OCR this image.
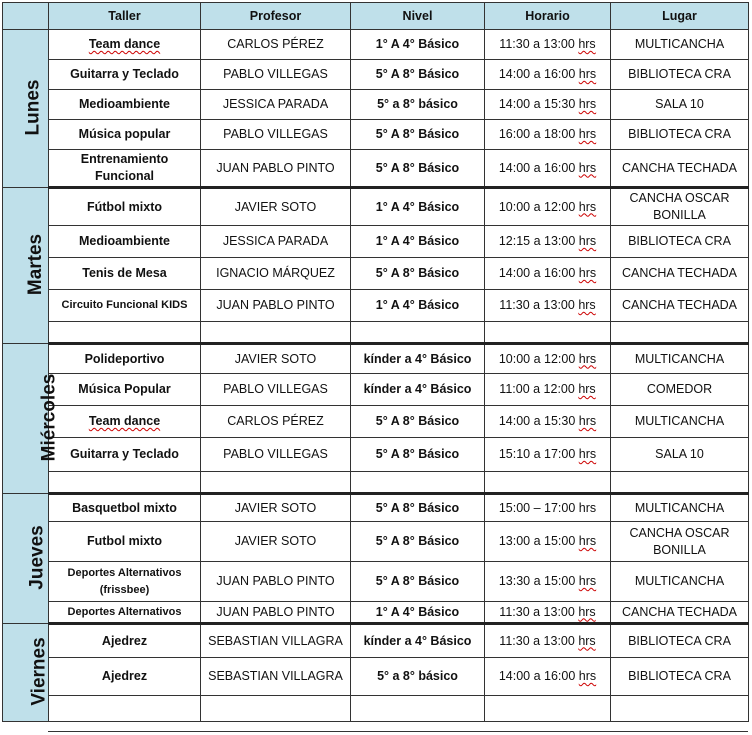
	Taller	Profesor	Nivel	Horario	Lugar
Lunes	Team dance	CARLOS PÉREZ	1° A 4° Básico	11:30 a 13:00 hrs	MULTICANCHA
	Guitarra y Teclado	PABLO VILLEGAS	5° A 8° Básico	14:00 a 16:00 hrs	BIBLIOTECA CRA
	Medioambiente	JESSICA PARADA	5° a 8° básico	14:00 a 15:30 hrs	SALA 10
	Música popular	PABLO VILLEGAS	5° A 8° Básico	16:00 a 18:00 hrs	BIBLIOTECA CRA
	Entrenamiento Funcional	JUAN PABLO PINTO	5° A 8° Básico	14:00 a 16:00 hrs	CANCHA TECHADA
Martes	Fútbol mixto	JAVIER SOTO	1° A 4° Básico	10:00 a 12:00 hrs	CANCHA OSCAR BONILLA
	Medioambiente	JESSICA PARADA	1° A 4° Básico	12:15 a 13:00 hrs	BIBLIOTECA CRA
	Tenis de Mesa	IGNACIO MÁRQUEZ	5° A 8° Básico	14:00 a 16:00 hrs	CANCHA TECHADA
	Circuito Funcional KIDS	JUAN PABLO PINTO	1° A 4° Básico	11:30 a 13:00 hrs	CANCHA TECHADA

Miércoles	Polideportivo	JAVIER SOTO	kínder a 4° Básico	10:00 a 12:00 hrs	MULTICANCHA
	Música Popular	PABLO VILLEGAS	kínder a 4° Básico	11:00 a 12:00 hrs	COMEDOR
	Team dance	CARLOS PÉREZ	5° A 8° Básico	14:00 a 15:30 hrs	MULTICANCHA
	Guitarra y Teclado	PABLO VILLEGAS	5° A 8° Básico	15:10 a 17:00 hrs	SALA 10

Jueves	Basquetbol mixto	JAVIER SOTO	5° A 8° Básico	15:00 – 17:00 hrs	MULTICANCHA
	Futbol mixto	JAVIER SOTO	5° A 8° Básico	13:00 a 15:00 hrs	CANCHA OSCAR BONILLA
	Deportes Alternativos (frissbee)	JUAN PABLO PINTO	5° A 8° Básico	13:30 a 15:00 hrs	MULTICANCHA
	Deportes Alternativos	JUAN PABLO PINTO	1° A 4° Básico	11:30 a 13:00 hrs	CANCHA TECHADA
Viernes	Ajedrez	SEBASTIAN VILLAGRA	kínder a 4° Básico	11:30 a 13:00 hrs	BIBLIOTECA CRA
	Ajedrez	SEBASTIAN VILLAGRA	5° a 8° básico	14:00 a 16:00 hrs	BIBLIOTECA CRA
